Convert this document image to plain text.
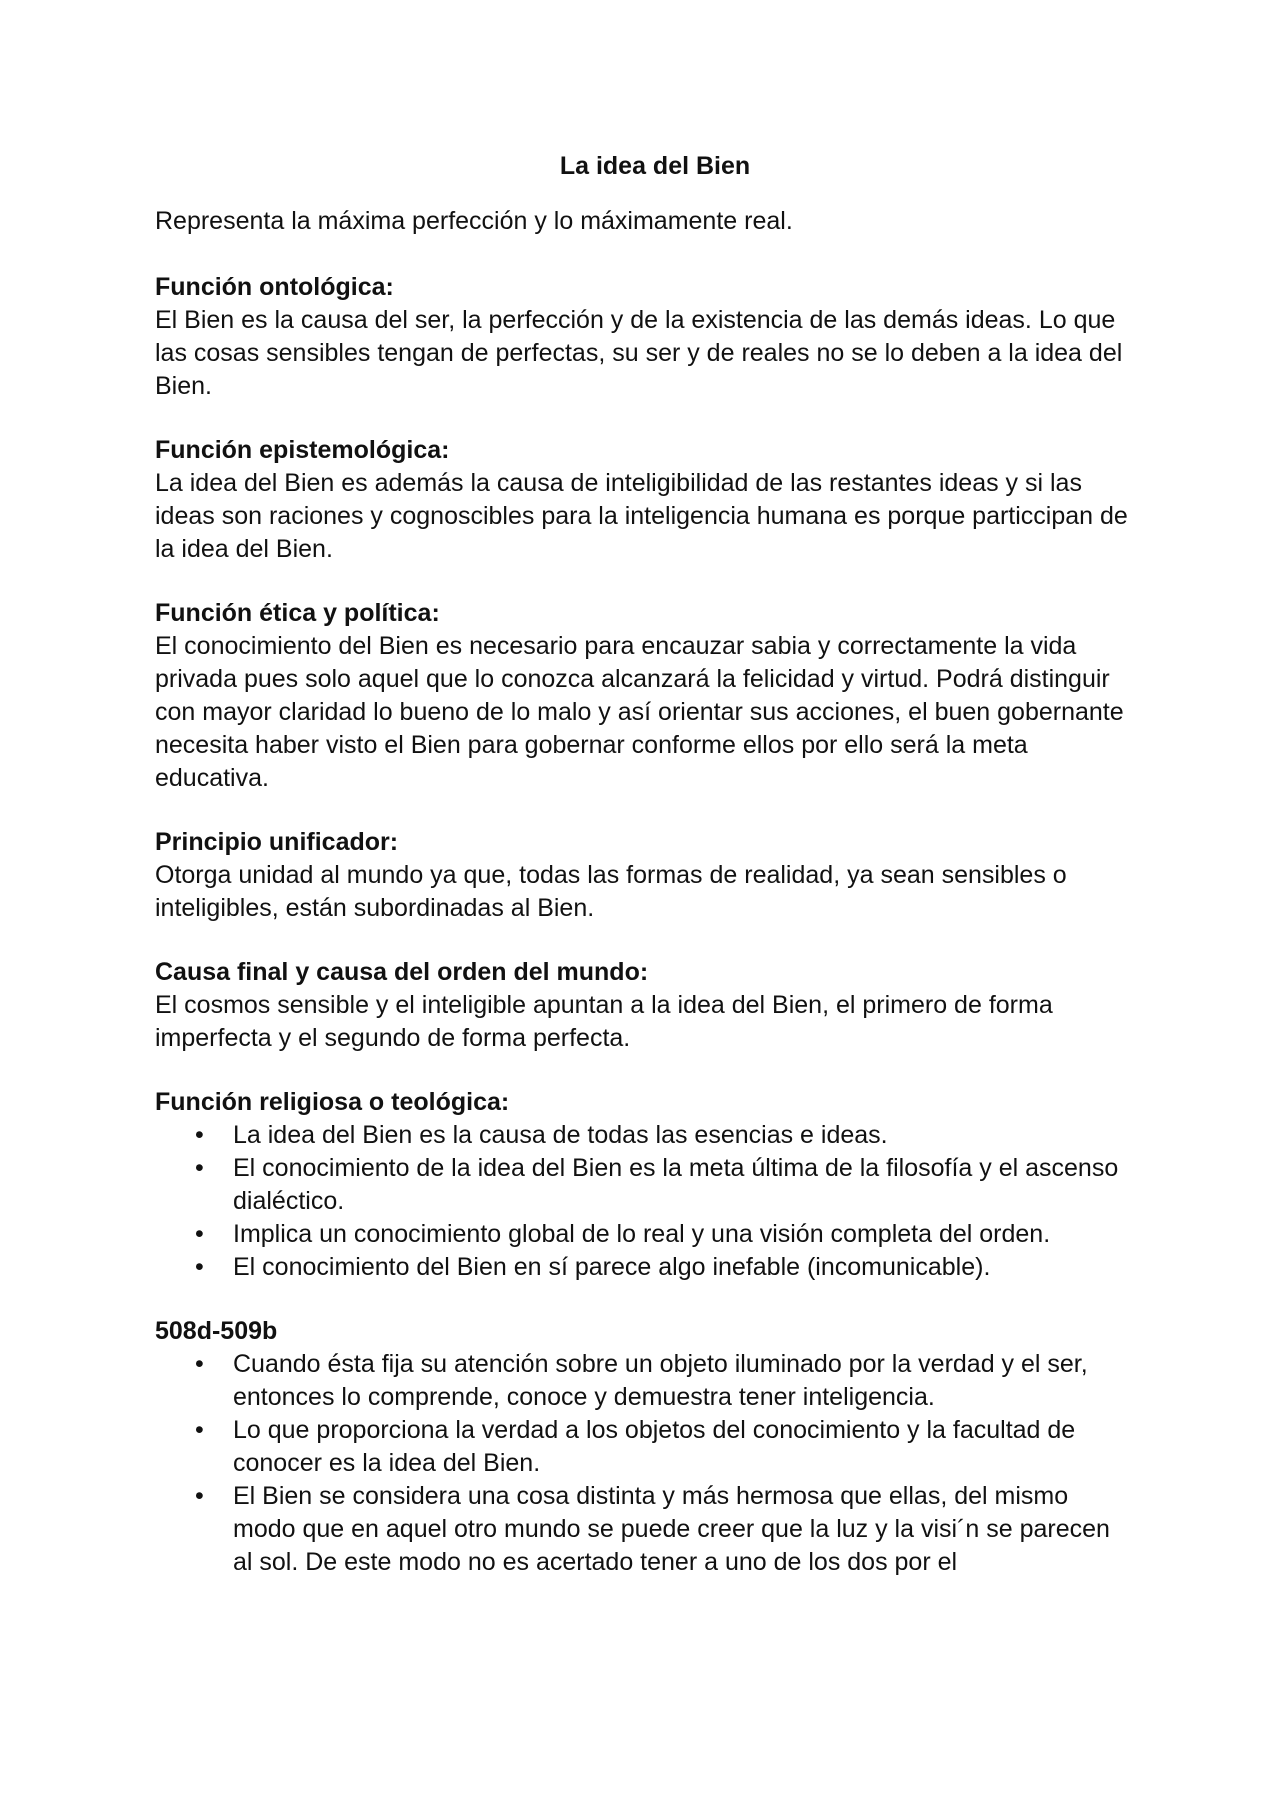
La idea del Bien

Representa la máxima perfección y lo máximamente real.

Función ontológica:

El Bien es la causa del ser, la perfección y de la existencia de las demás ideas. Lo que las cosas sensibles tengan de perfectas, su ser y de reales no se lo deben a la idea del Bien.

Función epistemológica:

La idea del Bien es además la causa de inteligibilidad de las restantes ideas y si las ideas son raciones y cognoscibles para la inteligencia humana es porque particcipan de la idea del Bien.

Función ética y política:

El conocimiento del Bien es necesario para encauzar sabia y correctamente la vida privada pues solo aquel que lo conozca alcanzará la felicidad y virtud. Podrá distinguir con mayor claridad lo bueno de lo malo y así orientar sus acciones, el buen gobernante necesita haber visto el Bien para gobernar conforme ellos por ello será la meta educativa.

Principio unificador:

Otorga unidad al mundo ya que, todas las formas de realidad, ya sean sensibles o inteligibles, están subordinadas al Bien.

Causa final y causa del orden del mundo:

El cosmos sensible y el inteligible apuntan a la idea del Bien, el primero de forma imperfecta y el segundo de forma perfecta.

Función religiosa o teológica:

• La idea del Bien es la causa de todas las esencias e ideas.
• El conocimiento de la idea del Bien es la meta última de la filosofía y el ascenso dialéctico.
• Implica un conocimiento global de lo real y una visión completa del orden.
• El conocimiento del Bien en sí parece algo inefable (incomunicable).

508d-509b

• Cuando ésta fija su atención sobre un objeto iluminado por la verdad y el ser, entonces lo comprende, conoce y demuestra tener inteligencia.
• Lo que proporciona la verdad a los objetos del conocimiento y la facultad de conocer es la idea del Bien.
• El Bien se considera una cosa distinta y más hermosa que ellas, del mismo modo que en aquel otro mundo se puede creer que la luz y la visi´n se parecen al sol. De este modo no es acertado tener a uno de los dos por el
